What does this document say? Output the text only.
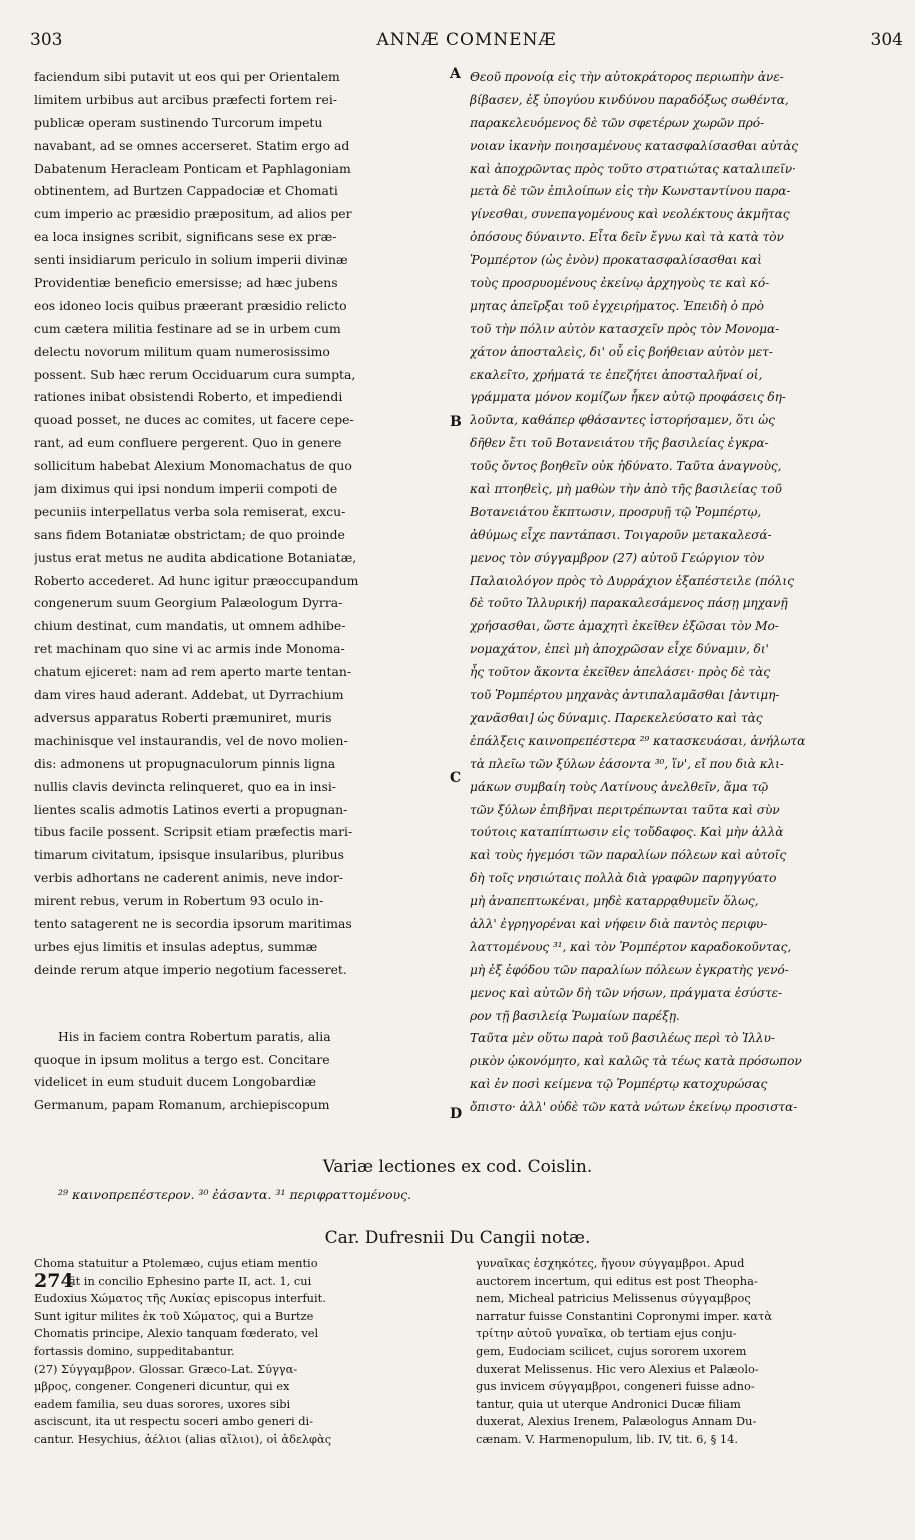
303	ANNÆ COMNENÆ	304
faciendum sibi putavit ut eos qui per Orientalem
limitem urbibus aut arcibus præfecti fortem rei-
publicæ operam sustinendo Turcorum impetu
navabant, ad se omnes accerseret. Statim ergo ad
Dabatenum Heracleam Ponticam et Paphlagoniam
obtinentem, ad Burtzen Cappadociæ et Chomati
cum imperio ac præsidio præpositum, ad alios per
ea loca insignes scribit, significans sese ex præ-
senti insidiarum periculo in solium imperii divinæ
Providentiæ beneficio emersisse; ad hæc jubens
eos idoneo locis quibus præerant præsidio relicto
cum cætera militia festinare ad se in urbem cum
delectu novorum militum quam numerosissimo
possent. Sub hæc rerum Occiduarum cura sumpta,
rationes inibat obsistendi Roberto, et impediendi
quoad posset, ne duces ac comites, ut facere cepe-
rant, ad eum confluere pergerent. Quo in genere
sollicitum habebat Alexium Monomachatus de quo
jam diximus qui ipsi nondum imperii compoti de
pecuniis interpellatus verba sola remiserat, excu-
sans fidem Botaniatæ obstrictam; de quo proinde
justus erat metus ne audita abdicatione Botaniatæ,
Roberto accederet. Ad hunc igitur præoccupandum
congenerum suum Georgium Palæologum Dyrra-
chium destinat, cum mandatis, ut omnem adhibe-
ret machinam quo sine vi ac armis inde Monoma-
chatum ejiceret: nam ad rem aperto marte tentan-
dam vires haud aderant. Addebat, ut Dyrrachium
adversus apparatus Roberti præmuniret, muris
machinisque vel instaurandis, vel de novo molien-
dis: admonens ut propugnaculorum pinnis ligna
nullis clavis devincta relinqueret, quo ea in insi-
lientes scalis admotis Latinos everti a propugnan-
tibus facile possent. Scripsit etiam præfectis mari-
timarum civitatum, ipsisque insularibus, pluribus
verbis adhortans ne caderent animis, neve indor-
mirent rebus, verum in Robertum 93 oculo in-
tento satagerent ne is secordia ipsorum maritimas
urbes ejus limitis et insulas adeptus, summæ
deinde rerum atque imperio negotium facesseret.
His in faciem contra Robertum paratis, alia
quoque in ipsum molitus a tergo est. Concitare
videlicet in eum studuit ducem Longobardiæ
Germanum, papam Romanum, archiepiscopum
A
B
C
D
Θεοῦ προνοίᾳ εἰς τὴν αὐτοκράτορος περιωπὴν ἀνε-
βίβασεν, ἐξ ὑπογύου κινδύνου παραδόξως σωθέντα,
παρακελευόμενος δὲ τῶν σφετέρων χωρῶν πρό-
νοιαν ἱκανὴν ποιησαμένους κατασφαλίσασθαι αὐτὰς
καὶ ἀποχρῶντας πρὸς τοῦτο στρατιώτας καταλιπεῖν·
μετὰ δὲ τῶν ἐπιλοίπων εἰς τὴν Κωνσταντίνου παρα-
γίνεσθαι, συνεπαγομένους καὶ νεολέκτους ἀκμῆτας
ὁπόσους δύναιντο. Εἶτα δεῖν ἔγνω καὶ τὰ κατὰ τὸν
Ῥομπέρτον (ὡς ἐνὸν) προκατασφαλίσασθαι καὶ
τοὺς προσρυομένους ἐκείνῳ ἀρχηγοὺς τε καὶ κό-
μητας ἀπεῖρξαι τοῦ ἐγχειρήματος. Ἐπειδὴ ὁ πρὸ
τοῦ τὴν πόλιν αὐτὸν κατασχεῖν πρὸς τὸν Μονομα-
χάτον ἀποσταλεὶς, δι' οὗ εἰς βοήθειαν αὐτὸν μετ-
εκαλεῖτο, χρήματά τε ἐπεζήτει ἀποσταλῆναί οἱ,
γράμματα μόνον κομίζων ἧκεν αὐτῷ προφάσεις δη-
λοῦντα, καθάπερ φθάσαντες ἱστορήσαμεν, ὅτι ὡς
δῆθεν ἔτι τοῦ Βοτανειάτου τῆς βασιλείας ἐγκρα-
τοῦς ὄντος βοηθεῖν οὐκ ἠδύνατο. Ταῦτα ἀναγνοὺς,
καὶ πτοηθεὶς, μὴ μαθὼν τὴν ἀπὸ τῆς βασιλείας τοῦ
Βοτανειάτου ἔκπτωσιν, προσρυῇ τῷ Ῥομπέρτῳ,
ἀθύμως εἶχε παντάπασι. Τοιγαροῦν μετακαλεσά-
μενος τὸν σύγγαμβρον (27) αὐτοῦ Γεώργιον τὸν
Παλαιολόγον πρὸς τὸ Δυρράχιον ἐξαπέστειλε (πόλις
δὲ τοῦτο Ἰλλυρική) παρακαλεσάμενος πάσῃ μηχανῇ
χρήσασθαι, ὥστε ἀμαχητὶ ἐκεῖθεν ἐξῶσαι τὸν Μο-
νομαχάτον, ἐπεὶ μὴ ἀποχρῶσαν εἶχε δύναμιν, δι'
ἧς τοῦτον ἄκοντα ἐκεῖθεν ἀπελάσει· πρὸς δὲ τὰς
τοῦ Ῥομπέρτου μηχανὰς ἀντιπαλαμᾶσθαι [ἀντιμη-
χανᾶσθαι] ὡς δύναμις. Παρεκελεύσατο καὶ τὰς
ἐπάλξεις καινοπρεπέστερα ²⁹ κατασκευάσαι, ἀνήλωτα
τὰ πλεῖω τῶν ξύλων ἐάσοντα ³⁰, ἵν', εἴ που διὰ κλι-
μάκων συμβαίη τοὺς Λατίνους ἀνελθεῖν, ἅμα τῷ
τῶν ξύλων ἐπιβῆναι περιτρέπωνται ταῦτα καὶ σὺν
τούτοις καταπίπτωσιν εἰς τοὔδαφος. Καὶ μὴν ἀλλὰ
καὶ τοὺς ἡγεμόσι τῶν παραλίων πόλεων καὶ αὐτοῖς
δὴ τοῖς νησιώταις πολλὰ διὰ γραφῶν παρηγγύατο
μὴ ἀναπεπτωκέναι, μηδὲ καταρρᾳθυμεῖν ὅλως,
ἀλλ' ἐγρηγορέναι καὶ νήφειν διὰ παντὸς περιφυ-
λαττομένους ³¹, καὶ τὸν Ῥομπέρτον καραδοκοῦντας,
μὴ ἐξ ἐφόδου τῶν παραλίων πόλεων ἐγκρατὴς γενό-
μενος καὶ αὐτῶν δὴ τῶν νήσων, πράγματα ἐσύστε-
ρον τῇ βασιλείᾳ Ῥωμαίων παρέξῃ.
Ταῦτα μὲν οὕτω παρὰ τοῦ βασιλέως περὶ τὸ Ἰλλυ-
ρικὸν ᾠκονόμητο, καὶ καλῶς τὰ τέως κατὰ πρόσωπον
καὶ ἐν ποσὶ κείμενα τῷ Ῥομπέρτῳ κατοχυρώσας
ὄπιστο· ἀλλ' οὐδὲ τῶν κατὰ νώτων ἐκείνῳ προσιστα-
Variæ lectiones ex cod. Coislin.
²⁹ καινοπρεπέστερον. ³⁰ ἐάσαντα. ³¹ περιφραττομένους.
Car. Dufresnii Du Cangii notæ.
274
Choma statuitur a Ptolemæo, cujus etiam mentio
fit in concilio Ephesino parte II, act. 1, cui
Eudoxius Χώματος τῆς Λυκίας episcopus interfuit.
Sunt igitur milites ἐκ τοῦ Χώματος, qui a Burtze
Chomatis principe, Alexio tanquam fœderato, vel
fortassis domino, suppeditabantur.
(27) Σύγγαμβρον. Glossar. Græco-Lat. Σύγγα-
μβρος, congener. Congeneri dicuntur, qui ex
eadem familia, seu duas sorores, uxores sibi
asciscunt, ita ut respectu soceri ambo generi di-
cantur. Hesychius, ἀέλιοι (alias αἴλιοι), οἱ ἀδελφὰς
γυναῖκας ἐσχηκότες, ἤγουν σύγγαμβροι. Apud
auctorem incertum, qui editus est post Theopha-
nem, Micheal patricius Melissenus σύγγαμβρος
narratur fuisse Constantini Copronymi imper. κατὰ
τρίτην αὐτοῦ γυναῖκα, ob tertiam ejus conju-
gem, Eudociam scilicet, cujus sororem uxorem
duxerat Melissenus. Hic vero Alexius et Palæolo-
gus invicem σύγγαμβροι, congeneri fuisse adno-
tantur, quia ut uterque Andronici Ducæ filiam
duxerat, Alexius Irenem, Palæologus Annam Du-
cænam. V. Harmenopulum, lib. IV, tit. 6, § 14.
